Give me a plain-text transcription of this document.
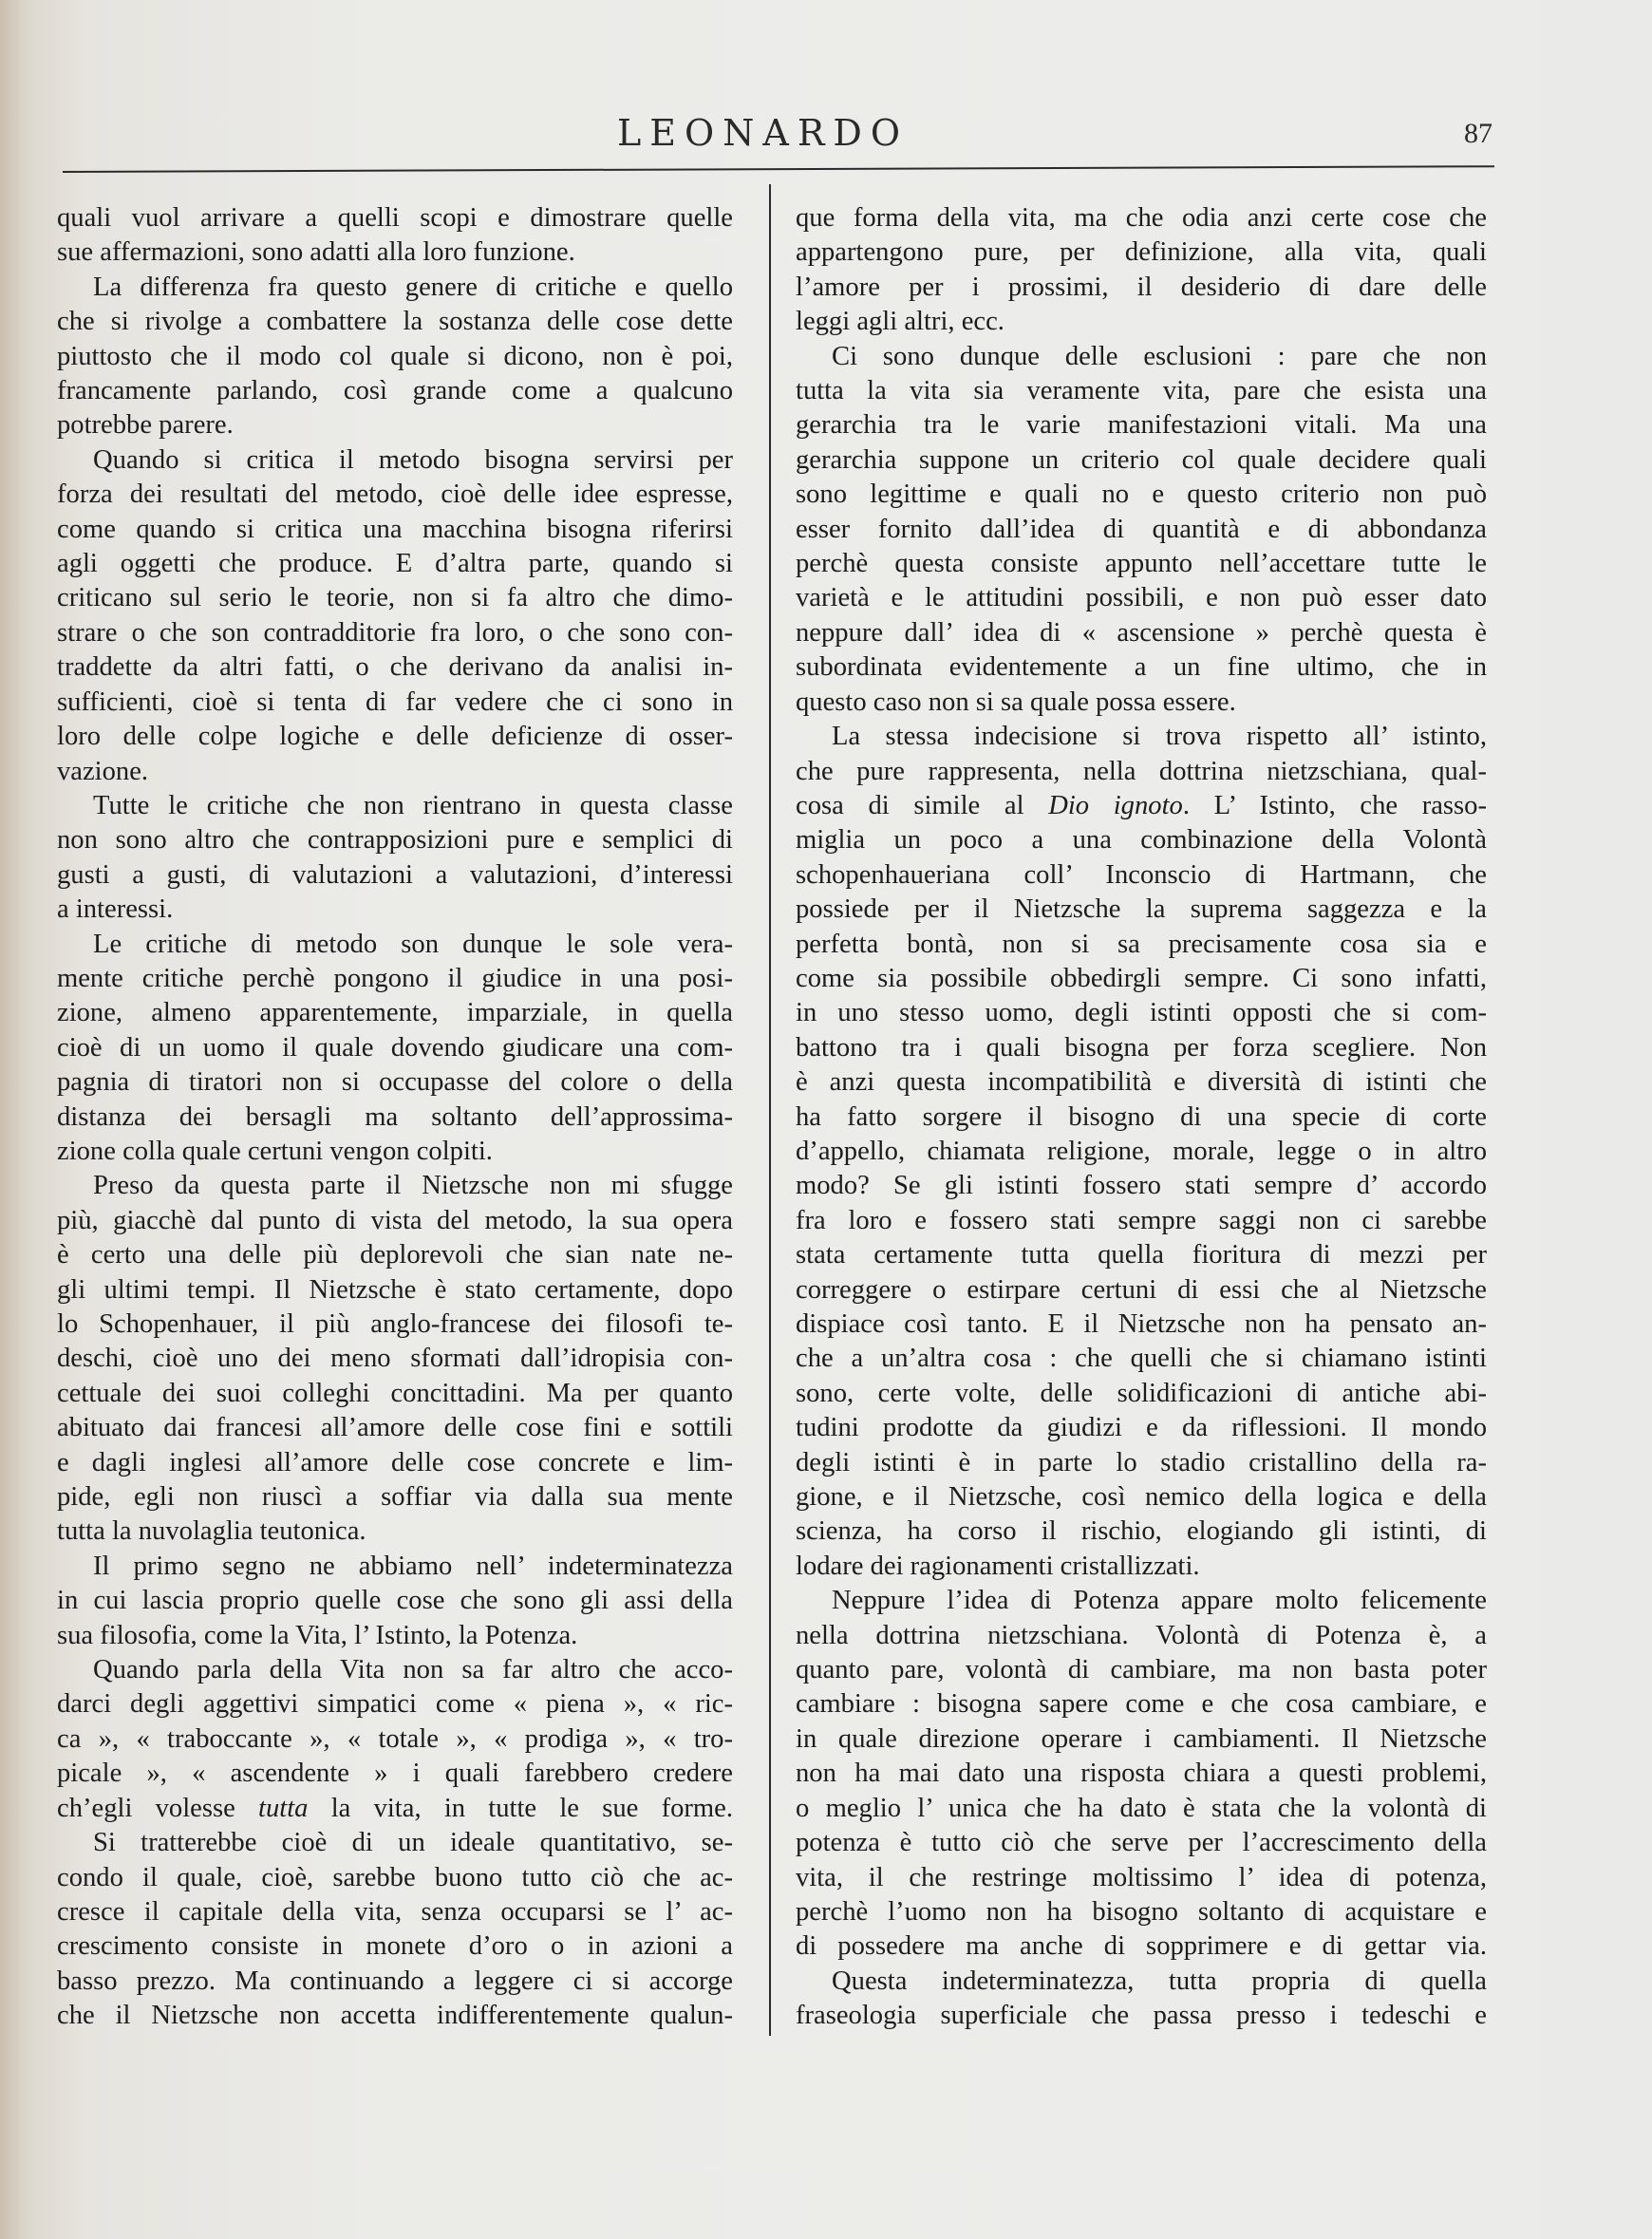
LEONARDO	87
quali vuol arrivare a quelli scopi e dimostrare quelle
sue affermazioni, sono adatti alla loro funzione.
La differenza fra questo genere di critiche e quello
che si rivolge a combattere la sostanza delle cose dette
piuttosto che il modo col quale si dicono, non è poi,
francamente parlando, così grande come a qualcuno
potrebbe parere.
Quando si critica il metodo bisogna servirsi per
forza dei resultati del metodo, cioè delle idee espresse,
come quando si critica una macchina bisogna riferirsi
agli oggetti che produce. E d’altra parte, quando si
criticano sul serio le teorie, non si fa altro che dimo-
strare o che son contradditorie fra loro, o che sono con-
traddette da altri fatti, o che derivano da analisi in-
sufficienti, cioè si tenta di far vedere che ci sono in
loro delle colpe logiche e delle deficienze di osser-
vazione.
Tutte le critiche che non rientrano in questa classe
non sono altro che contrapposizioni pure e semplici di
gusti a gusti, di valutazioni a valutazioni, d’interessi
a interessi.
Le critiche di metodo son dunque le sole vera-
mente critiche perchè pongono il giudice in una posi-
zione, almeno apparentemente, imparziale, in quella
cioè di un uomo il quale dovendo giudicare una com-
pagnia di tiratori non si occupasse del colore o della
distanza dei bersagli ma soltanto dell’approssima-
zione colla quale certuni vengon colpiti.
Preso da questa parte il Nietzsche non mi sfugge
più, giacchè dal punto di vista del metodo, la sua opera
è certo una delle più deplorevoli che sian nate ne-
gli ultimi tempi. Il Nietzsche è stato certamente, dopo
lo Schopenhauer, il più anglo-francese dei filosofi te-
deschi, cioè uno dei meno sformati dall’idropisia con-
cettuale dei suoi colleghi concittadini. Ma per quanto
abituato dai francesi all’amore delle cose fini e sottili
e dagli inglesi all’amore delle cose concrete e lim-
pide, egli non riuscì a soffiar via dalla sua mente
tutta la nuvolaglia teutonica.
Il primo segno ne abbiamo nell’ indeterminatezza
in cui lascia proprio quelle cose che sono gli assi della
sua filosofia, come la Vita, l’ Istinto, la Potenza.
Quando parla della Vita non sa far altro che acco-
darci degli aggettivi simpatici come « piena », « ric-
ca », « traboccante », « totale », « prodiga », « tro-
picale », « ascendente » i quali farebbero credere
ch’egli volesse tutta la vita, in tutte le sue forme.
Si tratterebbe cioè di un ideale quantitativo, se-
condo il quale, cioè, sarebbe buono tutto ciò che ac-
cresce il capitale della vita, senza occuparsi se l’ ac-
crescimento consiste in monete d’oro o in azioni a
basso prezzo. Ma continuando a leggere ci si accorge
che il Nietzsche non accetta indifferentemente qualun-
que forma della vita, ma che odia anzi certe cose che
appartengono pure, per definizione, alla vita, quali
l’amore per i prossimi, il desiderio di dare delle
leggi agli altri, ecc.
Ci sono dunque delle esclusioni : pare che non
tutta la vita sia veramente vita, pare che esista una
gerarchia tra le varie manifestazioni vitali. Ma una
gerarchia suppone un criterio col quale decidere quali
sono legittime e quali no e questo criterio non può
esser fornito dall’idea di quantità e di abbondanza
perchè questa consiste appunto nell’accettare tutte le
varietà e le attitudini possibili, e non può esser dato
neppure dall’ idea di « ascensione » perchè questa è
subordinata evidentemente a un fine ultimo, che in
questo caso non si sa quale possa essere.
La stessa indecisione si trova rispetto all’ istinto,
che pure rappresenta, nella dottrina nietzschiana, qual-
cosa di simile al Dio ignoto. L’ Istinto, che rasso-
miglia un poco a una combinazione della Volontà
schopenhaueriana coll’ Inconscio di Hartmann, che
possiede per il Nietzsche la suprema saggezza e la
perfetta bontà, non si sa precisamente cosa sia e
come sia possibile obbedirgli sempre. Ci sono infatti,
in uno stesso uomo, degli istinti opposti che si com-
battono tra i quali bisogna per forza scegliere. Non
è anzi questa incompatibilità e diversità di istinti che
ha fatto sorgere il bisogno di una specie di corte
d’appello, chiamata religione, morale, legge o in altro
modo? Se gli istinti fossero stati sempre d’ accordo
fra loro e fossero stati sempre saggi non ci sarebbe
stata certamente tutta quella fioritura di mezzi per
correggere o estirpare certuni di essi che al Nietzsche
dispiace così tanto. E il Nietzsche non ha pensato an-
che a un’altra cosa : che quelli che si chiamano istinti
sono, certe volte, delle solidificazioni di antiche abi-
tudini prodotte da giudizi e da riflessioni. Il mondo
degli istinti è in parte lo stadio cristallino della ra-
gione, e il Nietzsche, così nemico della logica e della
scienza, ha corso il rischio, elogiando gli istinti, di
lodare dei ragionamenti cristallizzati.
Neppure l’idea di Potenza appare molto felicemente
nella dottrina nietzschiana. Volontà di Potenza è, a
quanto pare, volontà di cambiare, ma non basta poter
cambiare : bisogna sapere come e che cosa cambiare, e
in quale direzione operare i cambiamenti. Il Nietzsche
non ha mai dato una risposta chiara a questi problemi,
o meglio l’ unica che ha dato è stata che la volontà di
potenza è tutto ciò che serve per l’accrescimento della
vita, il che restringe moltissimo l’ idea di potenza,
perchè l’uomo non ha bisogno soltanto di acquistare e
di possedere ma anche di sopprimere e di gettar via.
Questa indeterminatezza, tutta propria di quella
fraseologia superficiale che passa presso i tedeschi e
